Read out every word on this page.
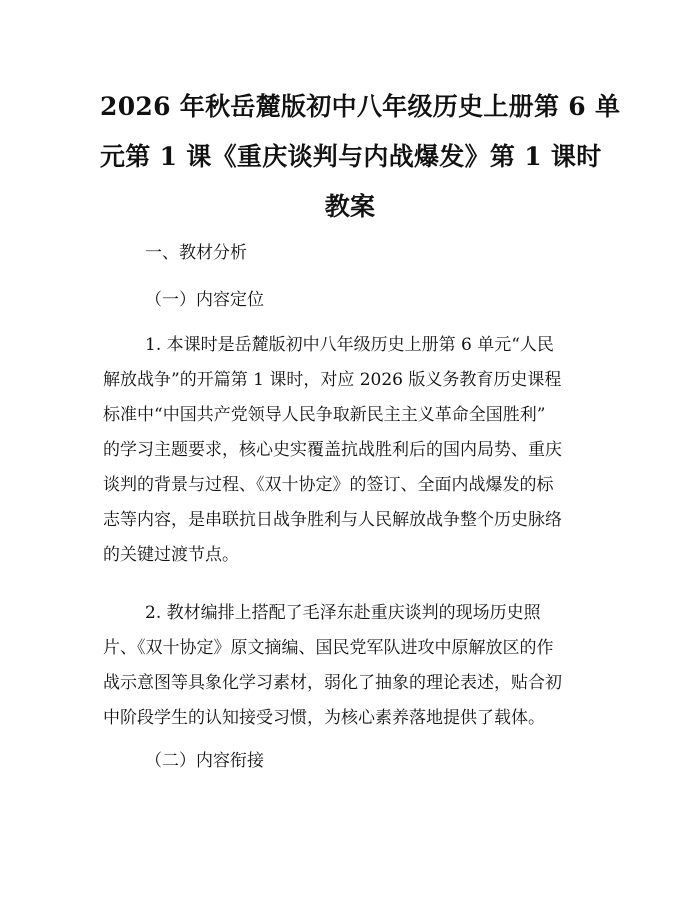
2026 年秋岳麓版初中八年级历史上册第 6 单
元第 1 课《重庆谈判与内战爆发》第 1 课时
教案
一、教材分析
（一）内容定位
1. 本课时是岳麓版初中八年级历史上册第 6 单元“人民
解放战争”的开篇第 1 课时，对应 2026 版义务教育历史课程
标准中“中国共产党领导人民争取新民主主义革命全国胜利”
的学习主题要求，核心史实覆盖抗战胜利后的国内局势、重庆
谈判的背景与过程、《双十协定》的签订、全面内战爆发的标
志等内容，是串联抗日战争胜利与人民解放战争整个历史脉络
的关键过渡节点。
2. 教材编排上搭配了毛泽东赴重庆谈判的现场历史照
片、《双十协定》原文摘编、国民党军队进攻中原解放区的作
战示意图等具象化学习素材，弱化了抽象的理论表述，贴合初
中阶段学生的认知接受习惯，为核心素养落地提供了载体。
（二）内容衔接
